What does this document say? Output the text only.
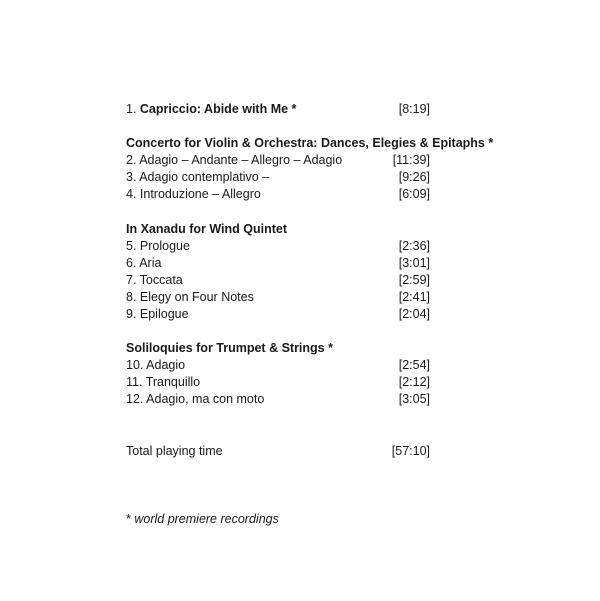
1. Capriccio: Abide with Me *	[8:19]
Concerto for Violin & Orchestra: Dances, Elegies & Epitaphs *
2. Adagio – Andante – Allegro – Adagio	[11:39]
3. Adagio contemplativo –	[9:26]
4. Introduzione – Allegro	[6:09]
In Xanadu for Wind Quintet
5. Prologue	[2:36]
6. Aria	[3:01]
7. Toccata	[2:59]
8. Elegy on Four Notes	[2:41]
9. Epilogue	[2:04]
Soliloquies for Trumpet & Strings *
10. Adagio	[2:54]
11. Tranquillo	[2:12]
12. Adagio, ma con moto	[3:05]
Total playing time	[57:10]
* world premiere recordings
